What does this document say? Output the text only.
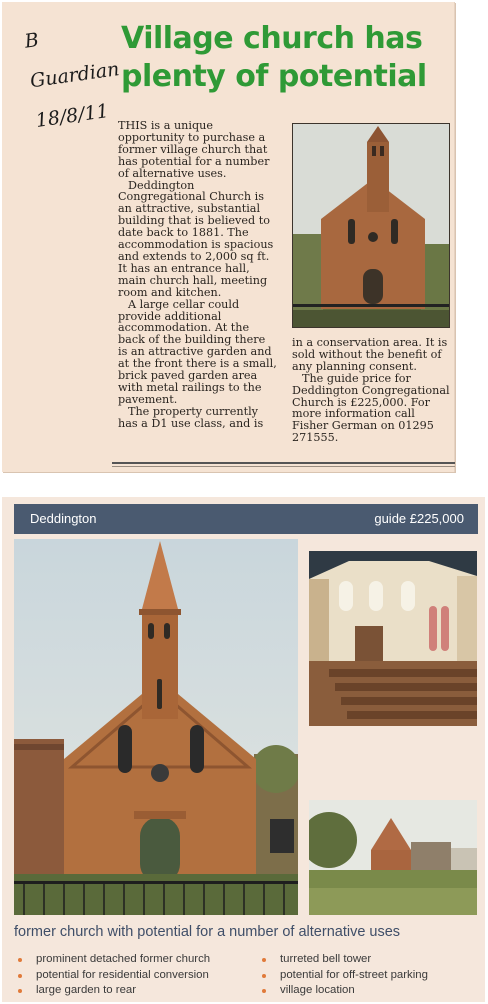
B Guardian
18/8/11
Village church has plenty of potential

THIS is a unique opportunity to purchase a former village church that has potential for a number of alternative uses.

Deddington Congregational Church is an attractive, substantial building that is believed to date back to 1881. The accommodation is spacious and extends to 2,000 sq ft. It has an entrance hall, main church hall, meeting room and kitchen.

A large cellar could provide additional accommodation. At the back of the building there is an attractive garden and at the front there is a small, brick paved garden area with metal railings to the pavement.

The property currently has a D1 use class, and is

in a conservation area. It is sold without the benefit of any planning consent.

The guide price for Deddington Congregational Church is £225,000. For more information call Fisher German on 01295 271555.

Deddington	guide £225,000
former church with potential for a number of alternative uses
prominent detached former church
potential for residential conversion
large garden to rear
turreted bell tower
potential for off-street parking
village location
